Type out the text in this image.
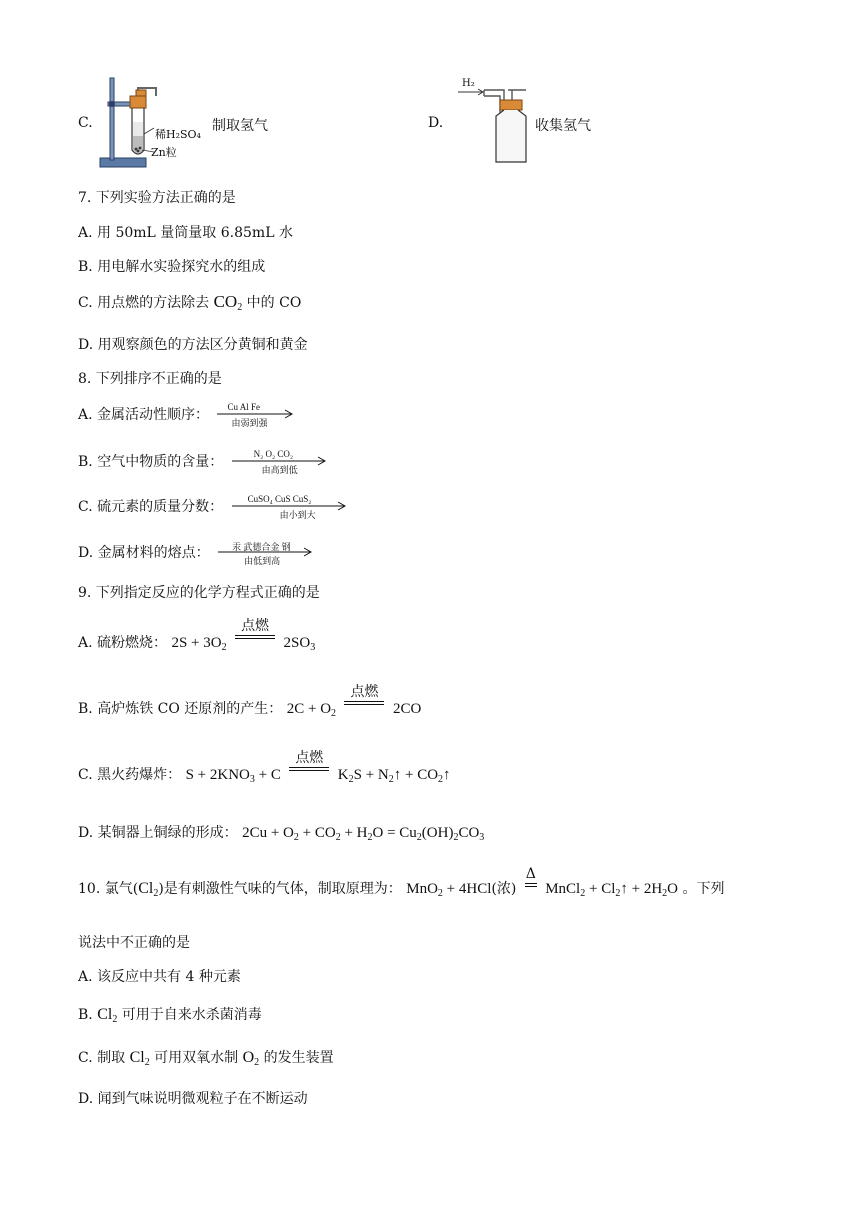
C.
稀H₂SO₄
Zn粒
制取氢气	D.
H₂
收集氢气
7. 下列实验方法正确的是
A. 用 50mL 量筒量取 6.85mL 水
B. 用电解水实验探究水的组成
C. 用点燃的方法除去 $CO_2$ 中的 CO
D. 用观察颜色的方法区分黄铜和黄金
8. 下列排序不正确的是
A. 金属活动性顺序： Cu Al Fe
由弱到强
B. 空气中物质的含量：	N₂ O₂ CO₂
由高到低
C. 硫元素的质量分数：	CuSO₄ CuS CuS₂
由小到大
D. 金属材料的熔点： 汞 武德合金 钢
由低到高
9. 下列指定反应的化学方程式正确的是
A. 硫粉燃烧： $2S + 3O_2$
点燃
$2SO_3$
B. 高炉炼铁 CO 还原剂的产生： $2C + O_2$
点燃
2CO
C. 黑火药爆炸： $S + 2KNO_3 + C$
点燃
$K_2S$ + $N_2↑$ + $CO_2↑$
D. 某铜器上铜绿的形成： $2Cu + O_2 + CO_2 + H_2O = Cu_2(OH)_2CO_3$
10. 氯气$(Cl_2)$是有刺激性气味的气体，制取原理为： MnO$_2$ + 4HCl(浓)
Δ
MnCl$_2$ + $Cl_2↑ + 2H_2O$ 。下列
说法中不正确的是
A. 该反应中共有 4 种元素
B. $Cl_2$ 可用于自来水杀菌消毒
C. 制取 $Cl_2$ 可用双氧水制 $O_2$ 的发生装置
D. 闻到气味说明微观粒子在不断运动
